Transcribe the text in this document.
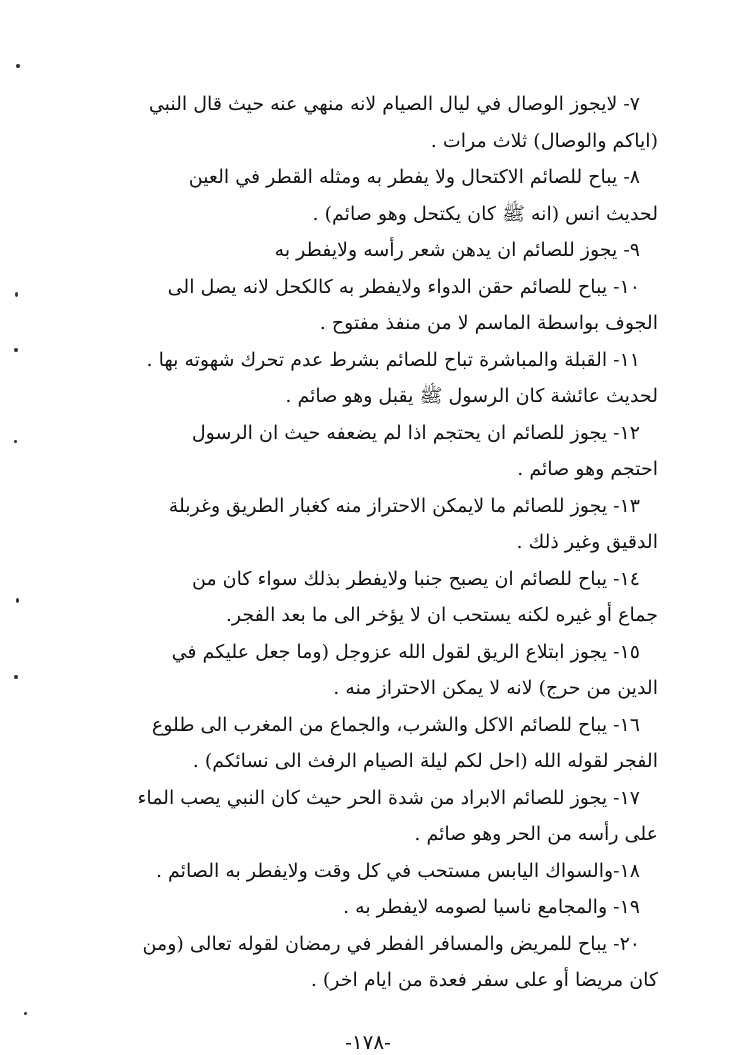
٧- لايجوز الوصال في ليال الصيام لانه منهي عنه حيث قال النبي

(اياكم والوصال) ثلاث مرات .

٨- يباح للصائم الاكتحال ولا يفطر به ومثله القطر في العين

لحديث انس (انه ﷺ كان يكتحل وهو صائم) .

٩- يجوز للصائم ان يدهن شعر رأسه ولايفطر به

١٠- يباح للصائم حقن الدواء ولايفطر به كالكحل لانه يصل الى

الجوف بواسطة الماسم لا من منفذ مفتوح .

١١- القبلة والمباشرة تباح للصائم بشرط عدم تحرك شهوته بها .

لحديث عائشة كان الرسول ﷺ يقبل وهو صائم .

١٢- يجوز للصائم ان يحتجم اذا لم يضعفه حيث ان الرسول

احتجم وهو صائم .

١٣- يجوز للصائم ما لايمكن الاحتراز منه كغبار الطريق وغربلة

الدقيق وغير ذلك .

١٤- يباح للصائم ان يصبح جنبا ولايفطر بذلك سواء كان من

جماع أو غيره لكنه يستحب ان لا يؤخر الى ما بعد الفجر.

١٥- يجوز ابتلاع الريق لقول الله عزوجل (وما جعل عليكم في

الدين من حرج) لانه لا يمكن الاحتراز منه .

١٦- يباح للصائم الاكل والشرب، والجماع من المغرب الى طلوع

الفجر لقوله الله (احل لكم ليلة الصيام الرفث الى نسائكم) .

١٧- يجوز للصائم الابراد من شدة الحر حيث كان النبي يصب الماء

على رأسه من الحر وهو صائم .

١٨-والسواك اليابس مستحب في كل وقت ولايفطر به الصائم .

١٩- والمجامع ناسيا لصومه لايفطر به .

٢٠- يباح للمريض والمسافر الفطر في رمضان لقوله تعالى (ومن

كان مريضا أو على سفر فعدة من ايام اخر) .

-١٧٨-
